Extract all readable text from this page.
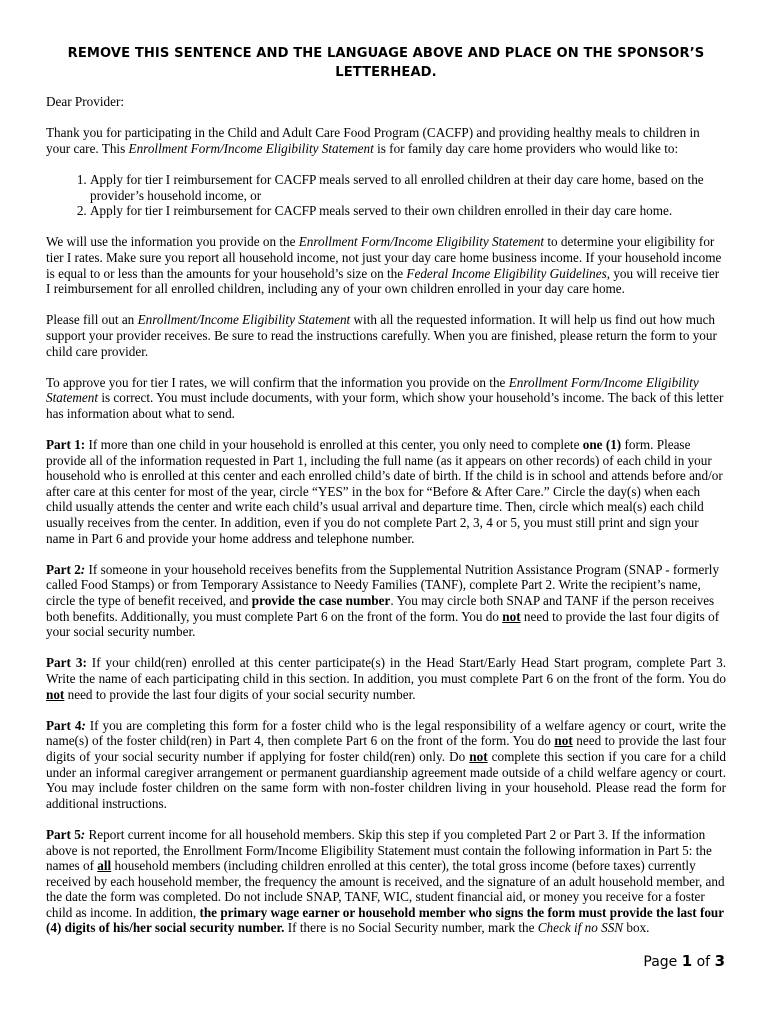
REMOVE THIS SENTENCE AND THE LANGUAGE ABOVE AND PLACE ON THE SPONSOR’S LETTERHEAD.

Dear Provider:

Thank you for participating in the Child and Adult Care Food Program (CACFP) and providing healthy meals to children in your care. This Enrollment Form/Income Eligibility Statement is for family day care home providers who would like to:

1. Apply for tier I reimbursement for CACFP meals served to all enrolled children at their day care home, based on the provider’s household income, or
2. Apply for tier I reimbursement for CACFP meals served to their own children enrolled in their day care home.

We will use the information you provide on the Enrollment Form/Income Eligibility Statement to determine your eligibility for tier I rates. Make sure you report all household income, not just your day care home business income. If your household income is equal to or less than the amounts for your household’s size on the Federal Income Eligibility Guidelines, you will receive tier I reimbursement for all enrolled children, including any of your own children enrolled in your day care home.

Please fill out an Enrollment/Income Eligibility Statement with all the requested information. It will help us find out how much support your provider receives. Be sure to read the instructions carefully. When you are finished, please return the form to your child care provider.

To approve you for tier I rates, we will confirm that the information you provide on the Enrollment Form/Income Eligibility Statement is correct. You must include documents, with your form, which show your household’s income. The back of this letter has information about what to send.

Part 1: If more than one child in your household is enrolled at this center, you only need to complete one (1) form. Please provide all of the information requested in Part 1, including the full name (as it appears on other records) of each child in your household who is enrolled at this center and each enrolled child’s date of birth. If the child is in school and attends before and/or after care at this center for most of the year, circle “YES” in the box for “Before & After Care.” Circle the day(s) when each child usually attends the center and write each child’s usual arrival and departure time. Then, circle which meal(s) each child usually receives from the center. In addition, even if you do not complete Part 2, 3, 4 or 5, you must still print and sign your name in Part 6 and provide your home address and telephone number.

Part 2: If someone in your household receives benefits from the Supplemental Nutrition Assistance Program (SNAP - formerly called Food Stamps) or from Temporary Assistance to Needy Families (TANF), complete Part 2. Write the recipient’s name, circle the type of benefit received, and provide the case number. You may circle both SNAP and TANF if the person receives both benefits. Additionally, you must complete Part 6 on the front of the form. You do not need to provide the last four digits of your social security number.

Part 3: If your child(ren) enrolled at this center participate(s) in the Head Start/Early Head Start program, complete Part 3. Write the name of each participating child in this section. In addition, you must complete Part 6 on the front of the form. You do not need to provide the last four digits of your social security number.

Part 4: If you are completing this form for a foster child who is the legal responsibility of a welfare agency or court, write the name(s) of the foster child(ren) in Part 4, then complete Part 6 on the front of the form. You do not need to provide the last four digits of your social security number if applying for foster child(ren) only. Do not complete this section if you care for a child under an informal caregiver arrangement or permanent guardianship agreement made outside of a child welfare agency or court. You may include foster children on the same form with non-foster children living in your household. Please read the form for additional instructions.

Part 5: Report current income for all household members. Skip this step if you completed Part 2 or Part 3. If the information above is not reported, the Enrollment Form/Income Eligibility Statement must contain the following information in Part 5: the names of all household members (including children enrolled at this center), the total gross income (before taxes) currently received by each household member, the frequency the amount is received, and the signature of an adult household member, and the date the form was completed. Do not include SNAP, TANF, WIC, student financial aid, or money you receive for a foster child as income. In addition, the primary wage earner or household member who signs the form must provide the last four (4) digits of his/her social security number. If there is no Social Security number, mark the Check if no SSN box.

Page 1 of 3
